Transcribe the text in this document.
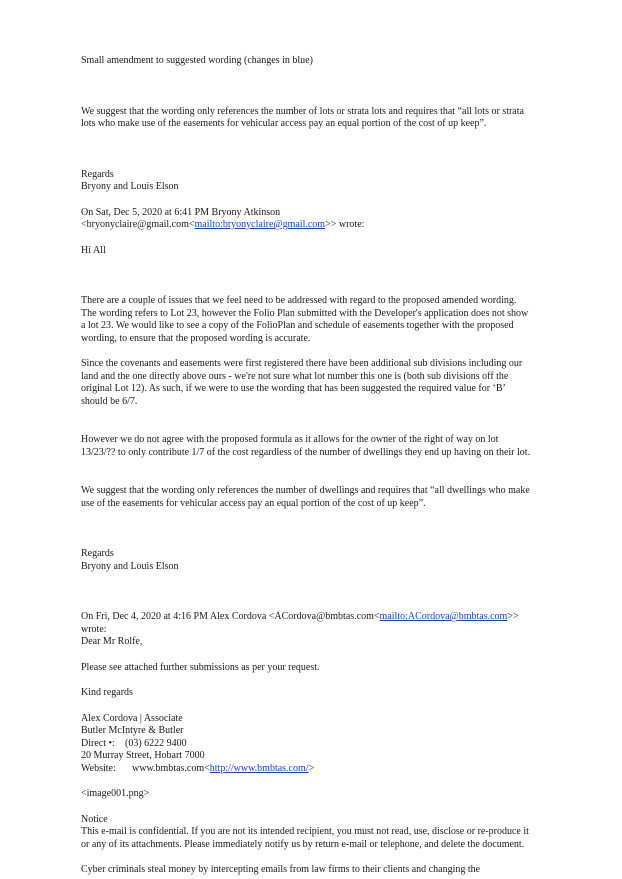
Small amendment to suggested wording (changes in blue)

We suggest that the wording only references the number of lots or strata lots and requires that “all lots or strata

lots who make use of the easements for vehicular access pay an equal portion of the cost of up keep”.

Regards

Bryony and Louis Elson

On Sat, Dec 5, 2020 at 6:41 PM Bryony Atkinson

<bryonyclaire@gmail.com<mailto:bryonyclaire@gmail.com>> wrote:

Hi All

There are a couple of issues that we feel need to be addressed with regard to the proposed amended wording.

The wording refers to Lot 23, however the Folio Plan submitted with the Developer's application does not show

a lot 23. We would like to see a copy of the FolioPlan and schedule of easements together with the proposed

wording, to ensure that the proposed wording is accurate.

Since the covenants and easements were first registered there have been additional sub divisions including our

land and the one directly above ours - we're not sure what lot number this one is (both sub divisions off the

original Lot 12). As such, if we were to use the wording that has been suggested the required value for ‘B’

should be 6/7.

However we do not agree with the proposed formula as it allows for the owner of the right of way on lot

13/23/?? to only contribute 1/7 of the cost regardless of the number of dwellings they end up having on their lot.

We suggest that the wording only references the number of dwellings and requires that “all dwellings who make

use of the easements for vehicular access pay an equal portion of the cost of up keep”.

Regards

Bryony and Louis Elson

On Fri, Dec 4, 2020 at 4:16 PM Alex Cordova <ACordova@bmbtas.com<mailto:ACordova@bmbtas.com>>

wrote:

Dear Mr Rolfe,

Please see attached further submissions as per your request.

Kind regards

Alex Cordova | Associate

Butler McIntyre & Butler

Direct •:	(03) 6222 9400

20 Murray Street, Hobart 7000

Website:	www.bmbtas.com< http://www.bmbtas.com/ >

<image001.png>

Notice

This e-mail is confidential. If you are not its intended recipient, you must not read, use, disclose or re-produce it

or any of its attachments. Please immediately notify us by return e-mail or telephone, and delete the document.

Cyber criminals steal money by intercepting emails from law firms to their clients and changing the
